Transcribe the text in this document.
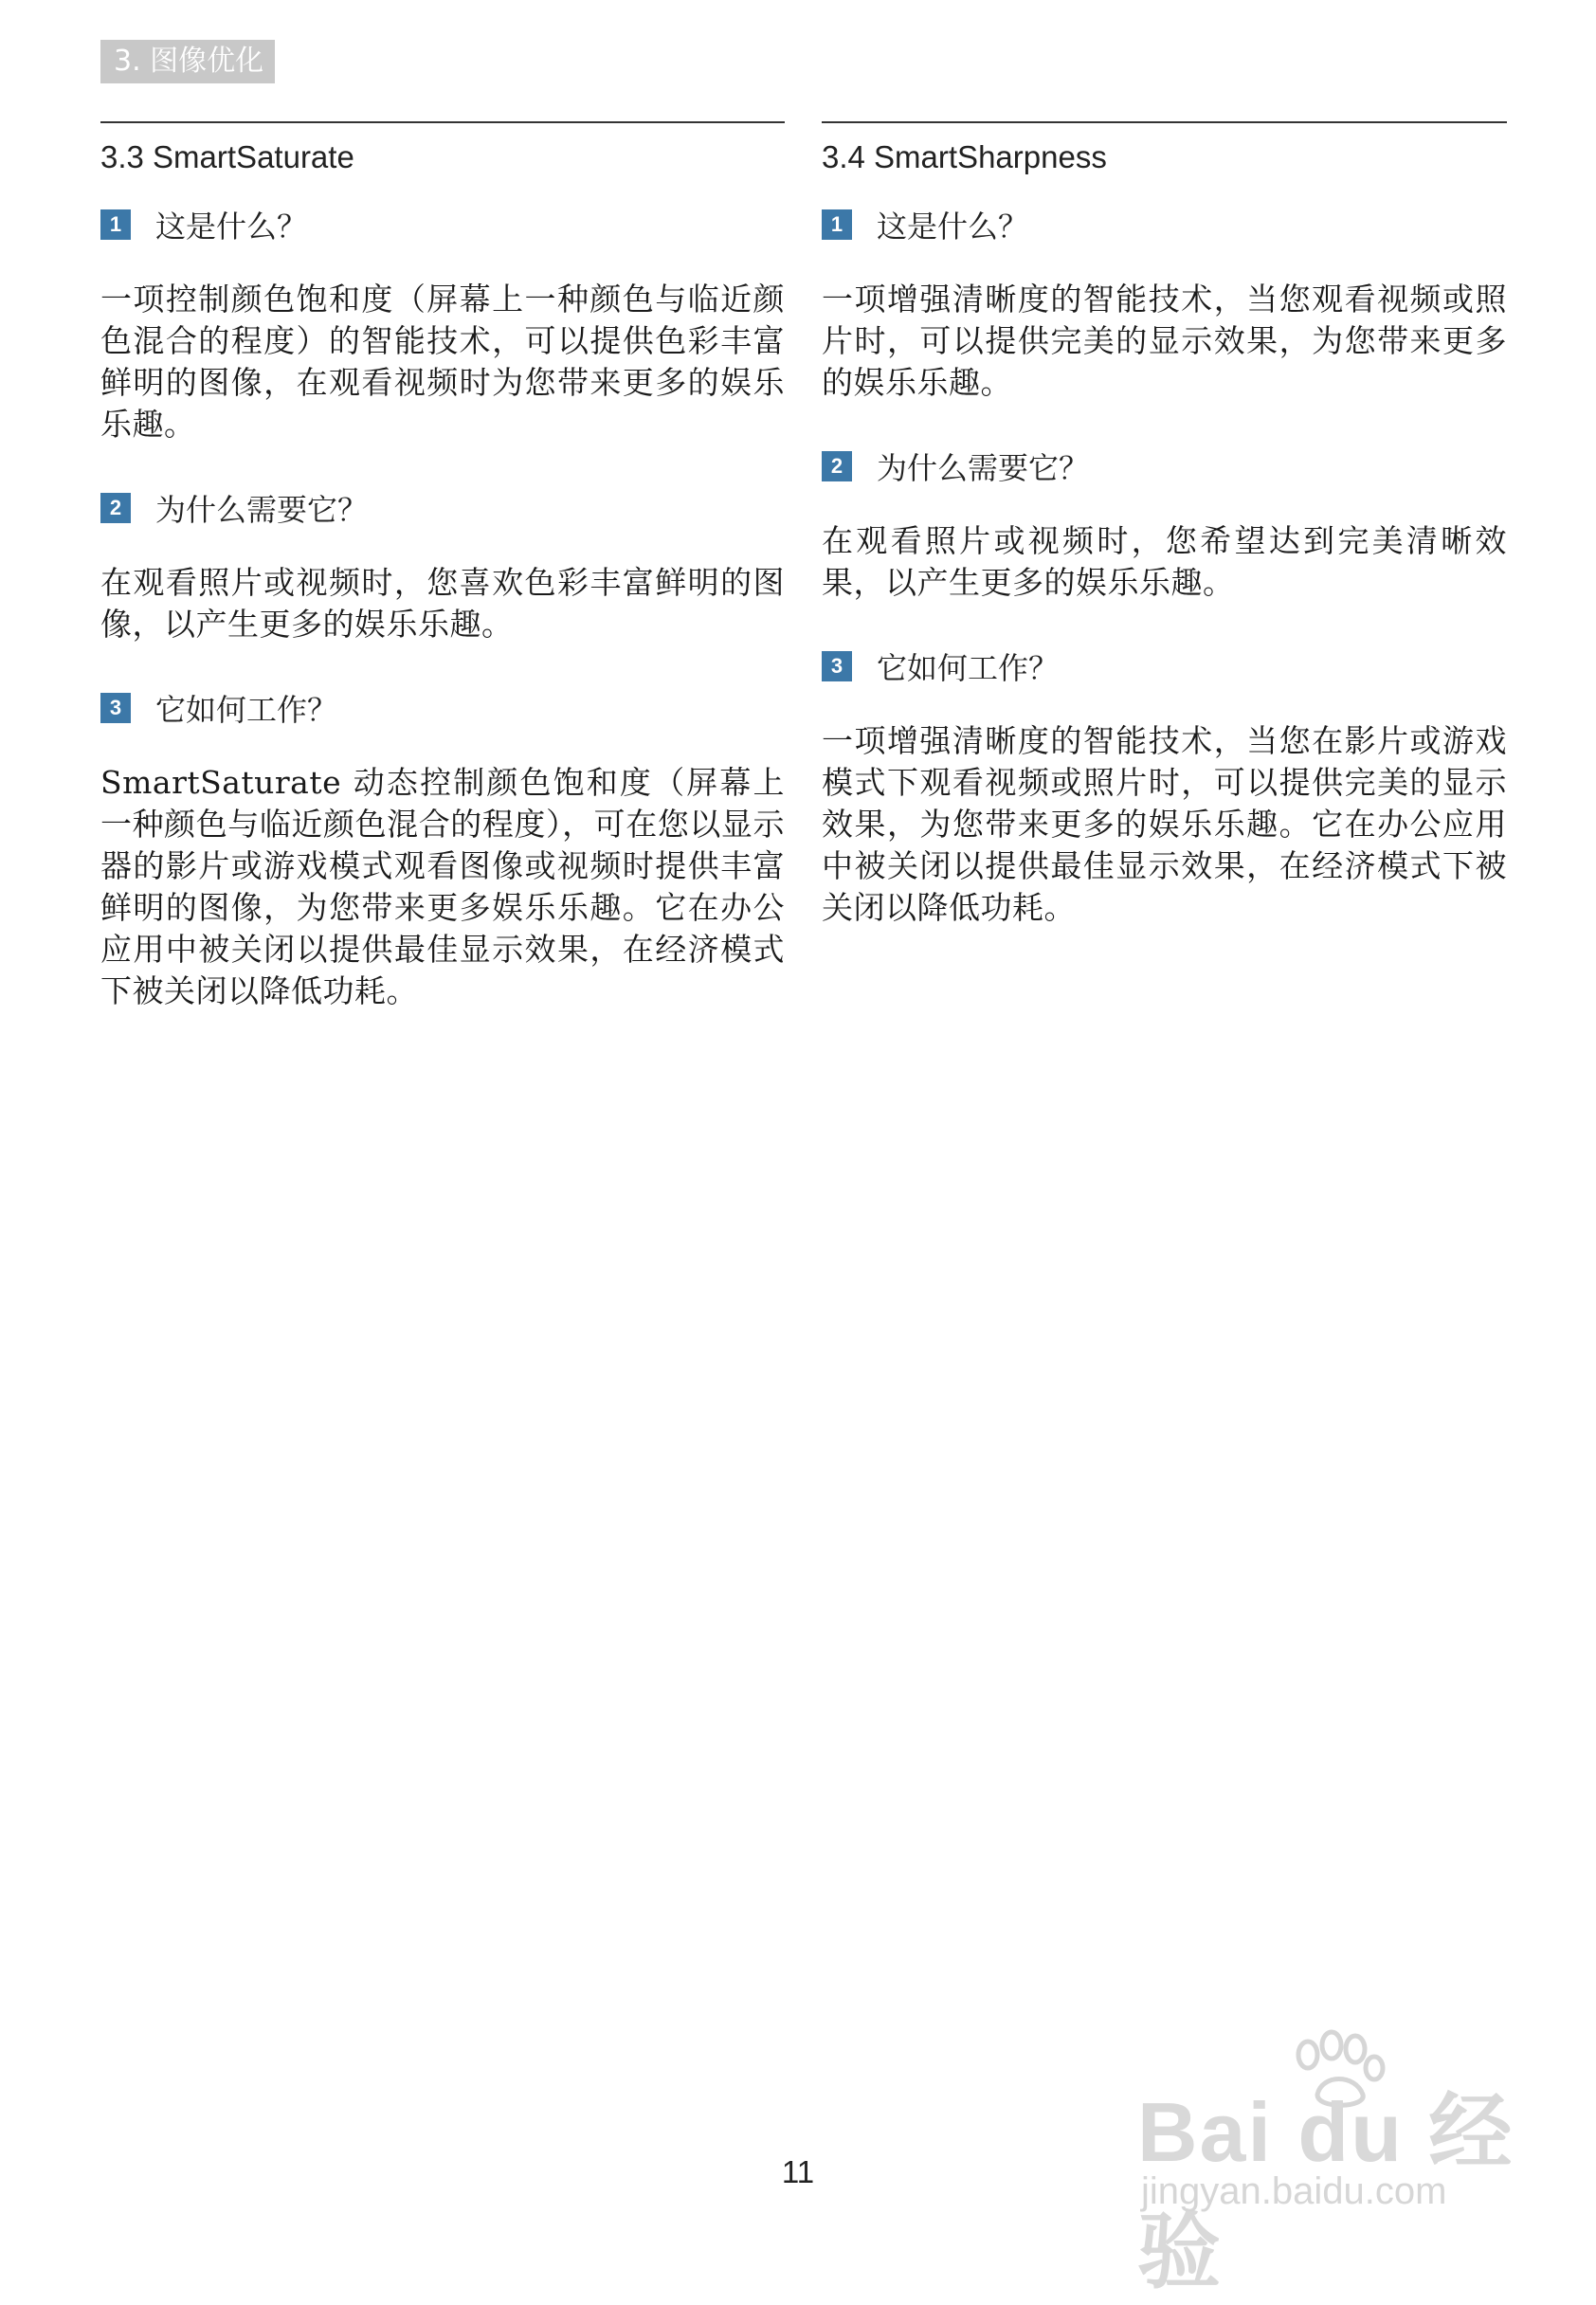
3. 图像优化
3.3 SmartSaturate
1	这是什么？
一项控制颜色饱和度（屏幕上一种颜色与临近颜色混合的程度）的智能技术，可以提供色彩丰富鲜明的图像，在观看视频时为您带来更多的娱乐乐趣。
2	为什么需要它？
在观看照片或视频时，您喜欢色彩丰富鲜明的图像，以产生更多的娱乐乐趣。
3	它如何工作？
SmartSaturate 动态控制颜色饱和度（屏幕上一种颜色与临近颜色混合的程度），可在您以显示器的影片或游戏模式观看图像或视频时提供丰富鲜明的图像，为您带来更多娱乐乐趣。它在办公应用中被关闭以提供最佳显示效果，在经济模式下被关闭以降低功耗。
3.4 SmartSharpness
1	这是什么？
一项增强清晰度的智能技术，当您观看视频或照片时，可以提供完美的显示效果，为您带来更多的娱乐乐趣。
2	为什么需要它？
在观看照片或视频时，您希望达到完美清晰效果，以产生更多的娱乐乐趣。
3	它如何工作？
一项增强清晰度的智能技术，当您在影片或游戏模式下观看视频或照片时，可以提供完美的显示效果，为您带来更多的娱乐乐趣。它在办公应用中被关闭以提供最佳显示效果，在经济模式下被关闭以降低功耗。
11	Bai du 经验
jingyan.baidu.com
